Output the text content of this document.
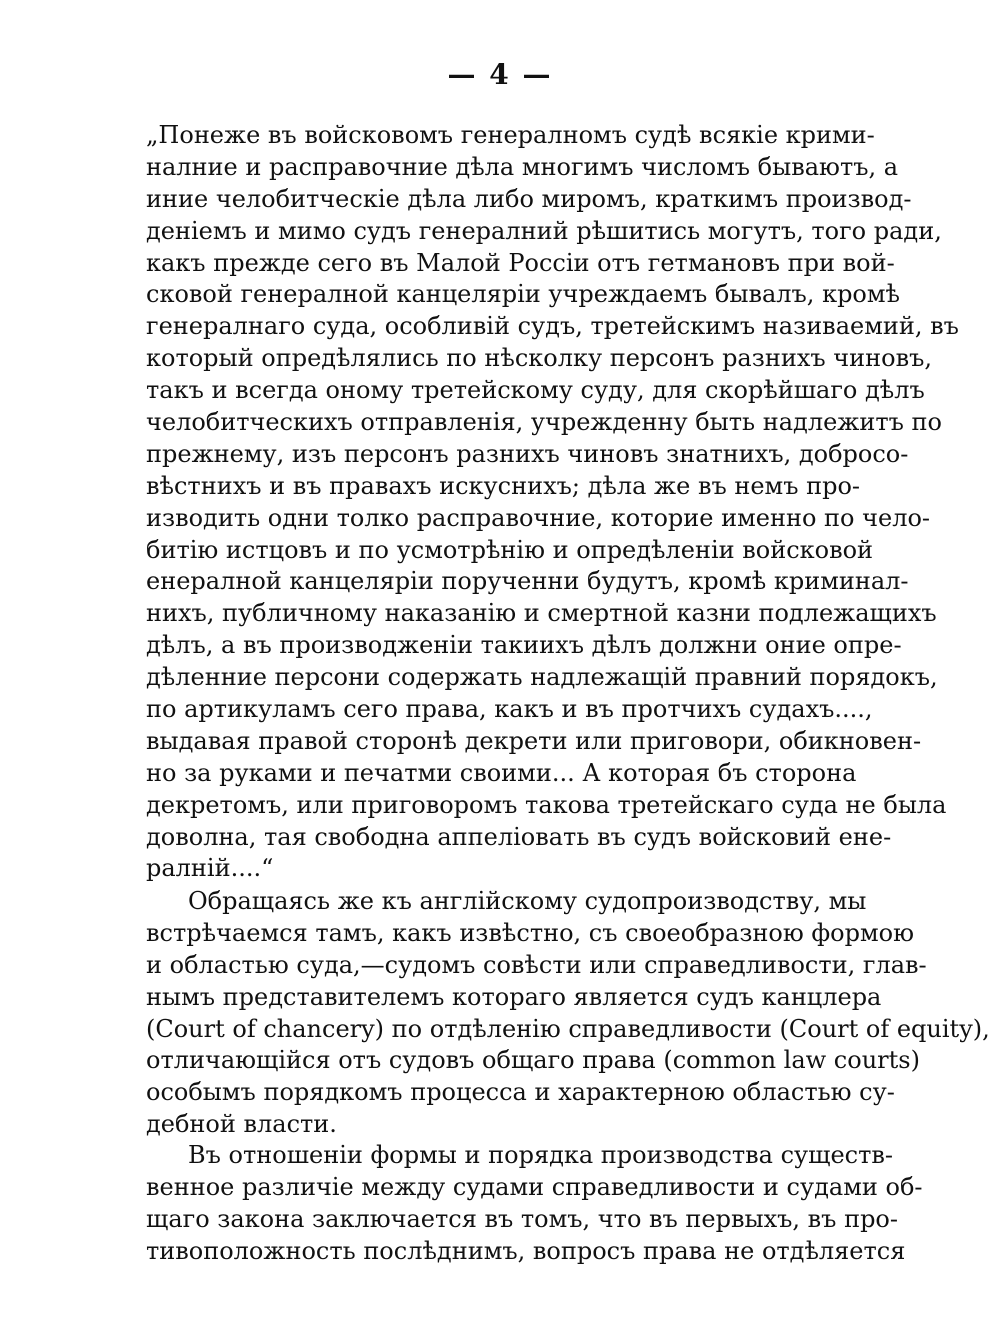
— 4 —
„Понеже въ войсковомъ генералномъ судѣ всякіе крими-
налние и расправочние дѣла многимъ числомъ бываютъ, а
иние челобитческіе дѣла либо миромъ, краткимъ производ-
деніемъ и мимо судъ генералний рѣшитись могутъ, того ради,
какъ прежде сего въ Малой Россіи отъ гетмановъ при вой-
сковой генералной канцеляріи учреждаемъ бывалъ, кромѣ
генералнаго суда, особливій судъ, третейскимъ називаемий, въ
который опредѣлялись по нѣсколку персонъ разнихъ чиновъ,
такъ и всегда оному третейскому суду, для скорѣйшаго дѣлъ
челобитческихъ отправленія, учрежденну быть надлежитъ по
прежнему, изъ персонъ разнихъ чиновъ знатнихъ, добросо-
вѣстнихъ и въ правахъ искуснихъ; дѣла же въ немъ про-
изводить одни толко расправочние, которие именно по чело-
битію истцовъ и по усмотрѣнію и опредѣленіи войсковой
енералной канцеляріи порученни будутъ, кромѣ криминал-
нихъ, публичному наказанію и смертной казни подлежащихъ
дѣлъ, а въ производженіи такиихъ дѣлъ должни оние опре-
дѣленние персони содержать надлежащій правний порядокъ,
по артикуламъ сего права, какъ и въ протчихъ судахъ....,
выдавая правой сторонѣ декрети или приговори, обикновен-
но за руками и печатми своими... А которая бъ сторона
декретомъ, или приговоромъ такова третейскаго суда не была
доволна, тая свободна аппеліовать въ судъ войсковий ене-
ралній....“
Обращаясь же къ англійскому судопроизводству, мы
встрѣчаемся тамъ, какъ извѣстно, съ своеобразною формою
и областью суда,—судомъ совѣсти или справедливости, глав-
нымъ представителемъ котораго является судъ канцлера
(Court of chancery) по отдѣленію справедливости (Court of equity),
отличающійся отъ судовъ общаго права (common law courts)
особымъ порядкомъ процесса и характерною областью су-
дебной власти.
Въ отношеніи формы и порядка производства существ-
венное различіе между судами справедливости и судами об-
щаго закона заключается въ томъ, что въ первыхъ, въ про-
тивоположность послѣднимъ, вопросъ права не отдѣляется
